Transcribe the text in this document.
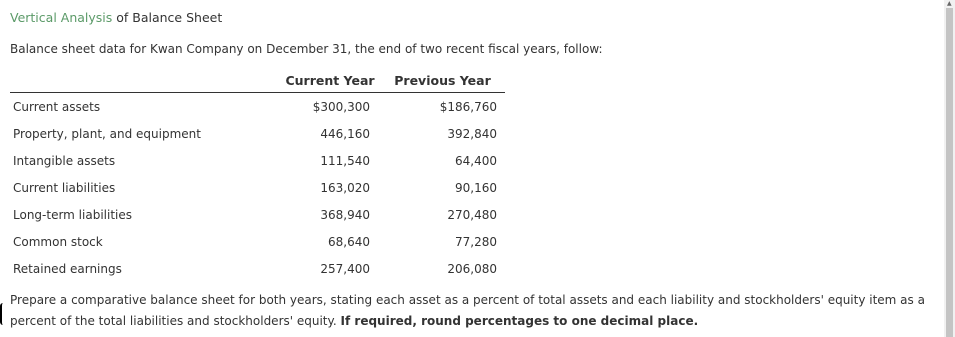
Vertical Analysis of Balance Sheet
Balance sheet data for Kwan Company on December 31, the end of two recent fiscal years, follow:
	Current Year	Previous Year
Current assets	$300,300	$186,760
Property, plant, and equipment	446,160	392,840
Intangible assets	111,540	64,400
Current liabilities	163,020	90,160
Long-term liabilities	368,940	270,480
Common stock	68,640	77,280
Retained earnings	257,400	206,080
Prepare a comparative balance sheet for both years, stating each asset as a percent of total assets and each liability and stockholders' equity item as a percent of the total liabilities and stockholders' equity. If required, round percentages to one decimal place.
▲
